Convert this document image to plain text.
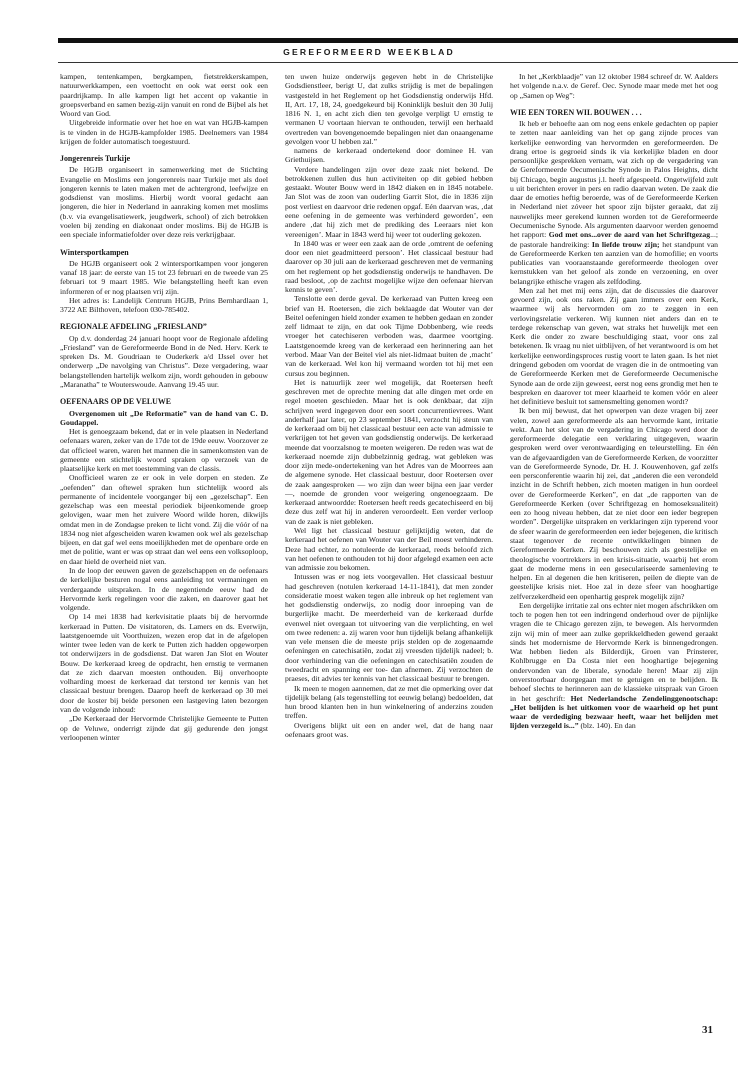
GEREFORMEERD WEEKBLAD

kampen, tentenkampen, bergkampen, fietstrekkerskampen, natuurwerkkampen, een voettocht en ook wat eerst ook een paardrijkamp. In alle kampen ligt het accent op vakantie in groepsverband en samen bezig-zijn vanuit en rond de Bijbel als het Woord van God.

Uitgebreide informatie over het hoe en wat van HGJB-kampen is te vinden in de HGJB-kampfolder 1985. Deelnemers van 1984 krijgen de folder automatisch toegestuurd.

Jongerenreis Turkije

De HGJB organiseert in samenwerking met de Stichting Evangelie en Moslims een jongerenreis naar Turkije met als doel jongeren kennis te laten maken met de achtergrond, leefwijze en godsdienst van moslims. Hierbij wordt vooral gedacht aan jongeren, die hier in Nederland in aanraking komen met moslims (b.v. via evangelisatiewerk, jeugdwerk, school) of zich betrokken voelen bij zending en diakonaat onder moslims. Bij de HGJB is een speciale informatiefolder over deze reis verkrijgbaar.

Wintersportkampen

De HGJB organiseert ook 2 wintersportkampen voor jongeren vanaf 18 jaar: de eerste van 15 tot 23 februari en de tweede van 25 februari tot 9 maart 1985. Wie belangstelling heeft kan even informeren of er nog plaatsen vrij zijn.

Het adres is: Landelijk Centrum HGJB, Prins Bernhardlaan 1, 3722 AE Bilthoven, telefoon 030-785402.

REGIONALE AFDELING „FRIESLAND”

Op d.v. donderdag 24 januari hoopt voor de Regionale afdeling „Friesland” van de Gereformeerde Bond in de Ned. Herv. Kerk te spreken Ds. M. Goudriaan te Ouderkerk a/d IJssel over het onderwerp „De navolging van Christus”. Deze vergadering, waar belangstellenden hartelijk welkom zijn, wordt gehouden in gebouw „Maranatha” te Wouterswoude. Aanvang 19.45 uur.

OEFENAARS OP DE VELUWE

Overgenomen uit „De Reformatie” van de hand van C. D. Goudappel.

Het is genoegzaam bekend, dat er in vele plaatsen in Nederland oefenaars waren, zeker van de 17de tot de 19de eeuw. Voorzover ze dat officieel waren, waren het mannen die in samenkomsten van de gemeente een stichtelijk woord spraken op verzoek van de plaatselijke kerk en met toestemming van de classis.

Onofficieel waren ze er ook in vele dorpen en steden. Ze „oefenden” dan oftewel spraken hun stichtelijk woord als permanente of incidentele voorganger bij een „gezelschap”. Een gezelschap was een meestal periodiek bijeenkomende groep gelovigen, waar men het zuivere Woord wilde horen, dikwijls omdat men in de Zondagse preken te licht vond. Zij die vóór of na 1834 nog niet afgescheiden waren kwamen ook wel als gezelschap bijeen, en dat gaf wel eens moeilijkheden met de openbare orde en met de politie, want er was op straat dan wel eens een volksoploop, en daar hield de overheid niet van.

In de loop der eeuwen gaven de gezelschappen en de oefenaars de kerkelijke besturen nogal eens aanleiding tot vermaningen en verdergaande uitspraken. In de negentiende eeuw had de Hervormde kerk regelingen voor die zaken, en daarover gaat het volgende.

Op 14 mei 1838 had kerkvisitatie plaats bij de hervormde kerkeraad in Putten. De visitatoren, ds. Lamers en ds. Everwijn, laatstgenoemde uit Voorthuizen, wezen erop dat in de afgelopen winter twee leden van de kerk te Putten zich hadden opgeworpen tot onderwijzers in de godsdienst. Dat waren Jan Slot en Wouter Bouw. De kerkeraad kreeg de opdracht, hen ernstig te vermanen dat ze zich daarvan moesten onthouden. Bij onverhoopte volharding moest de kerkeraad dat terstond ter kennis van het classicaal bestuur brengen. Daarop heeft de kerkeraad op 30 mei door de koster bij beide personen een lastgeving laten bezorgen van de volgende inhoud:

„De Kerkeraad der Hervormde Christelijke Gemeente te Putten op de Veluwe, onderrigt zijnde dat gij gedurende den jongst verloopenen winter

ten uwen huize onderwijs gegeven hebt in de Christelijke Godsdienstleer, berigt U, dat zulks strijdig is met de bepalingen vastgesteld in het Reglement op het Godsdienstig onderwijs Hfd. II, Art. 17, 18, 24, goedgekeurd bij Koninklijk besluit den 30 Julij 1816 N. 1, en acht zich dien ten gevolge verpligt U ernstig te vermanen U voortaan hiervan te onthouden, terwijl een herhaald overtreden van bovengenoemde bepalingen niet dan onaangename gevolgen voor U hebben zal.”

namens de kerkeraad ondertekend door dominee H. van Griethuijsen.

Verdere handelingen zijn over deze zaak niet bekend. De betrokkenen zullen dus hun activiteiten op dit gebied hebben gestaakt. Wouter Bouw werd in 1842 diaken en in 1845 notabele. Jan Slot was de zoon van ouderling Garrit Slot, die in 1836 zijn post verliest en daarvoor drie redenen opgaf. Eén daarvan was, ‚dat eene oefening in de gemeente was verhinderd geworden’, een andere ‚dat hij zich met de prediking des Leeraars niet kon vereenigen’. Maar in 1843 werd hij weer tot ouderling gekozen.

In 1840 was er weer een zaak aan de orde ‚omtrent de oefening door een niet geadmitteerd persoon’. Het classicaal bestuur had daarover op 30 juli aan de kerkeraad geschreven met de vermaning om het reglement op het godsdienstig onderwijs te handhaven. De raad besloot, ‚op de zachtst mogelijke wijze den oefenaar hiervan kennis te geven’.

Tenslotte een derde geval. De kerkeraad van Putten kreeg een brief van H. Roetersen, die zich beklaagde dat Wouter van der Beitel oefeningen hield zonder examen te hebben gedaan en zonder zelf lidmaat te zijn, en dat ook Tijme Dobbenberg, wie reeds vroeger het catechiseren verboden was, daarmee voortging. Laatstgenoemde kreeg van de kerkeraad een herinnering aan het verbod. Maar Van der Beitel viel als niet-lidmaat buiten de ‚macht’ van de kerkeraad. Wel kon hij vermaand worden tot hij met een cursus zou beginnen.

Het is natuurlijk zeer wel mogelijk, dat Roetersen heeft geschreven met de oprechte mening dat alle dingen met orde en regel moeten geschieden. Maar het is ook denkbaar, dat zijn schrijven werd ingegeven door een soort concurrentievrees. Want anderhalf jaar later, op 23 september 1841, verzocht hij steun van de kerkeraad om bij het classicaal bestuur een acte van admissie te verkrijgen tot het geven van godsdienstig onderwijs. De kerkeraad meende dat voorzalsnog te moeten weigeren. De reden was wat de kerkeraad noemde zijn dubbelzinnig gedrag, wat gebleken was door zijn mede-ondertekening van het Adres van de Moorrees aan de algemene synode. Het classicaal bestuur, door Roetersen over de zaak aangesproken — wo zijn dan weer bijna een jaar verder —, noemde de gronden voor weigering ongenoegzaam. De kerkeraad antwoordde: Roetersen heeft reeds gecatechiseerd en bij deze dus zelf wat hij in anderen veroordeelt. Een verder verloop van de zaak is niet gebleken.

Wel ligt het classicaal bestuur gelijktijdig weten, dat de kerkeraad het oefenen van Wouter van der Beil moest verhinderen. Deze had echter, zo notuleerde de kerkeraad, reeds beloofd zich van het oefenen te onthouden tot hij door afgelegd examen een acte van admissie zou bekomen.

Intussen was er nog iets voorgevallen. Het classicaal bestuur had geschreven (notulen kerkeraad 14-11-1841), dat men zonder consideratie moest waken tegen alle inbreuk op het reglement van het godsdienstig onderwijs, zo nodig door inroeping van de burgerlijke macht. De meerderheid van de kerkeraad durfde evenwel niet overgaan tot uitvoering van die verplichting, en wel om twee redenen: a. zij waren voor hun tijdelijk belang afhankelijk van vele mensen die de meeste prijs stelden op de zogenaamde oefeningen en catechisatiën, zodat zij vreesden tijdelijk nadeel; b. door verhindering van die oefeningen en catechisatiën zouden de tweedracht en spanning eer toe- dan afnemen. Zij verzochten de praeses, dit advies ter kennis van het classicaal bestuur te brengen.

Ik meen te mogen aannemen, dat ze met die opmerking over dat tijdelijk belang (als tegenstelling tot eeuwig belang) bedoelden, dat hun brood klanten hen in hun winkelnering of anderzins zouden treffen.

Overigens blijkt uit een en ander wel, dat de hang naar oefenaars groot was.

In het „Kerkblaadje” van 12 oktober 1984 schreef dr. W. Aalders het volgende n.a.v. de Geref. Oec. Synode maar mede met het oog op „Samen op Weg”:

WIE EEN TOREN WIL BOUWEN . . .

Ik heb er behoefte aan om nog eens enkele gedachten op papier te zetten naar aanleiding van het op gang zijnde proces van kerkelijke eenwording van hervormden en gereformeerden. De drang ertoe is gegroeid sinds ik via kerkelijke bladen en door persoonlijke gesprekken vernam, wat zich op de vergadering van de Gereformeerde Oecumenische Synode in Palos Heights, dicht bij Chicago, begin augustus j.l. heeft afgespeeld. Ongetwijfeld zult u uit berichten erover in pers en radio daarvan weten. De zaak die daar de emoties heftig beroerde, was of de Gereformeerde Kerken in Nederland niet zóveer het spoor zijn bijster geraakt, dat zij nauwelijks meer gerekend kunnen worden tot de Gereformeerde Oecumenische Synode. Als argumenten daarvoor werden genoemd het rapport: God met ons...over de aard van het Schriftgezag...; de pastorale handreiking: In liefde trouw zijn; het standpunt van de Gereformeerde Kerken ten aanzien van de homofilie; en voorts publicaties van vooraanstaande gereformeerde theologen over kernstukken van het geloof als zonde en verzoening, en over belangrijke ethische vragen als zelfdoding.

Men zal het met mij eens zijn, dat de discussies die daarover gevoerd zijn, ook ons raken. Zij gaan immers over een Kerk, waarmee wij als hervormden om zo te zeggen in een verlovingsrelatie verkeren. Wij kunnen niet anders dan en te terdege rekenschap van geven, wat straks het huwelijk met een Kerk die onder zo zware beschuldiging staat, voor ons zal betekenen. Ik vraag nu niet uitblijven, of het verantwoord is om het kerkelijke eenwordingsproces rustig voort te laten gaan. Is het niet dringend geboden om voordat de vragen die in de ontmoeting van de Gereformeerde Kerken met de Gereformeerde Oecumenische Synode aan de orde zijn geweest, eerst nog eens grondig met hen te bespreken en daarover tot meer klaarheid te komen vóór en aleer het definitieve besluit tot samensmelting genomen wordt?

Ik ben mij bewust, dat het opwerpen van deze vragen bij zeer velen, zowel aan gereformeerde als aan hervormde kant, irritatie wekt. Aan het slot van de vergadering in Chicago werd door de gereformeerde delegatie een verklaring uitgegeven, waarin gesproken werd over verontwaardiging en teleurstelling. En één van de afgevaardigden van de Gereformeerde Kerken, de voorzitter van de Gereformeerde Synode, Dr. H. J. Kouwenhoven, gaf zelfs een persconferentie waarin hij zei, dat „anderen die een verondeld inzicht in de Schrift hebben, zich moeten matigen in hun oordeel over de Gereformeerde Kerken”, en dat „de rapporten van de Gereformeerde Kerken (over Schriftgezag en homoseksualiteit) een zo hoog niveau hebben, dat ze niet door een ieder begrepen worden”. Dergelijke uitspraken en verklaringen zijn typerend voor de sfeer waarin de gereformeerden een ieder bejegenen, die kritisch staat tegenover de recente ontwikkelingen binnen de Gereformeerde Kerken. Zij beschouwen zich als geestelijke en theologische voortrekkers in een krisis-situatie, waarbij het erom gaat de moderne mens in een geseculariseerde samenleving te helpen. En al degenen die hen kritiseren, peilen de diepte van de geestelijke krisis niet. Hoe zal in deze sfeer van hooghartige zelfverzekerdheid een openhartig gesprek mogelijk zijn?

Een dergelijke irritatie zal ons echter niet mogen afschrikken om toch te pogen hen tot een indringend onderhoud over de pijnlijke vragen die te Chicago gerezen zijn, te bewegen. Als hervormden zijn wij min of meer aan zulke geprikkeldheden gewend geraakt sinds het modernisme de Hervormde Kerk is binnengedrongen. Wat hebben lieden als Bilderdijk, Groen van Prinsterer, Kohlbrugge en Da Costa niet een hooghartige bejegening ondervonden van de liberale, synodale heren! Maar zij zijn onverstoorbaar doorgegaan met te getuigen en te belijden. Ik behoef slechts te herinneren aan de klassieke uitspraak van Groen in het geschrift: Het Nederlandsche Zendelinggenootschap: „Het belijden is het uitkomen voor de waarheid op het punt waar de verdediging bezwaar heeft, waar het belijden met lijden verzegeld is...” (blz. 140). En dan

31
